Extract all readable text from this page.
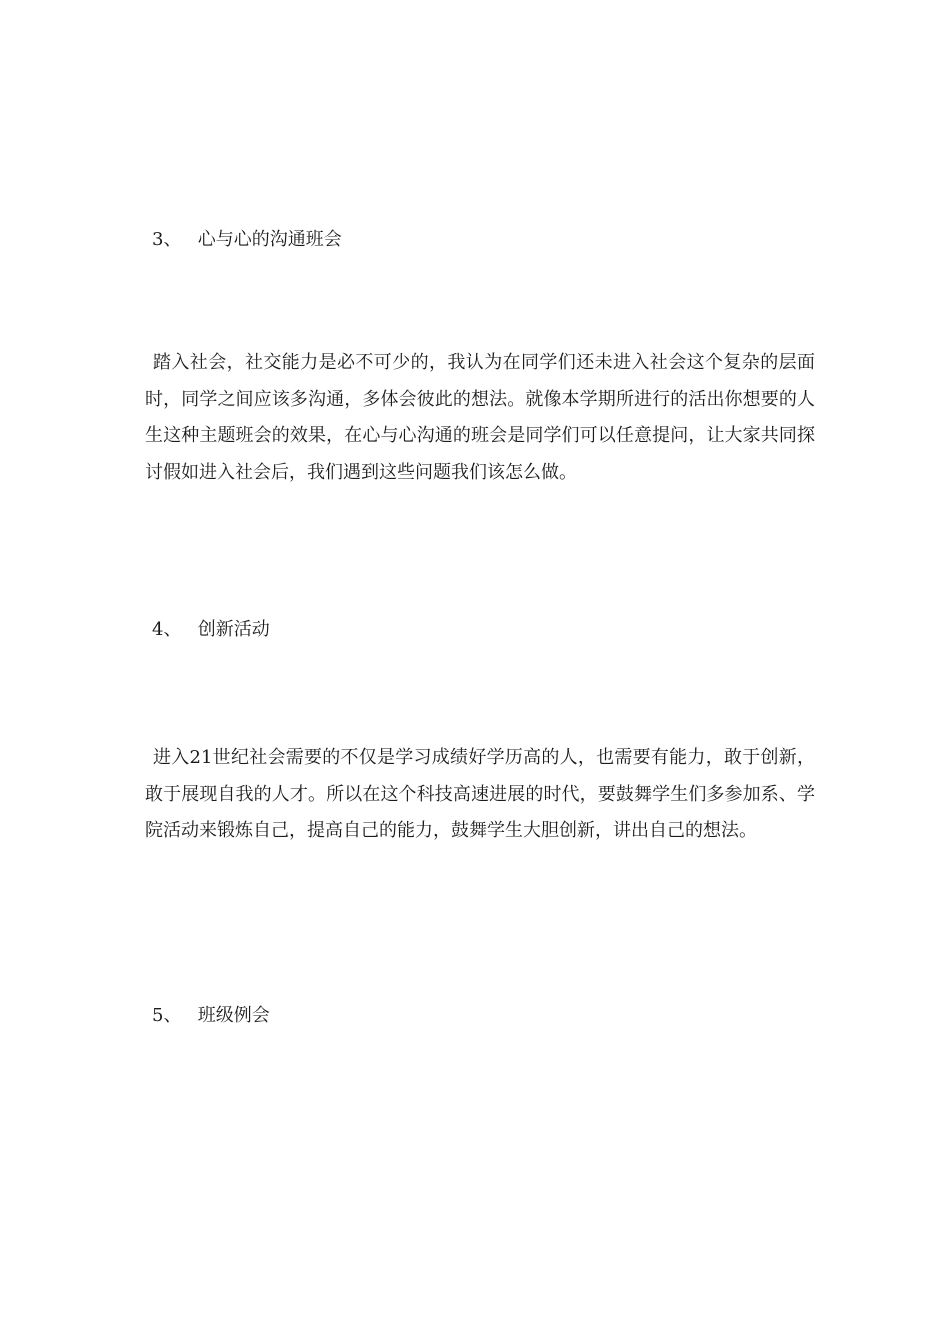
3、 心与心的沟通班会

踏入社会，社交能力是必不可少的，我认为在同学们还未进入社会这个复杂的层面时，同学之间应该多沟通，多体会彼此的想法。就像本学期所进行的活出你想要的人生这种主题班会的效果，在心与心沟通的班会是同学们可以任意提问，让大家共同探讨假如进入社会后，我们遇到这些问题我们该怎么做。

4、 创新活动

进入21世纪社会需要的不仅是学习成绩好学历高的人，也需要有能力，敢于创新，敢于展现自我的人才。所以在这个科技高速进展的时代，要鼓舞学生们多参加系、学院活动来锻炼自己，提高自己的能力，鼓舞学生大胆创新，讲出自己的想法。

5、 班级例会
